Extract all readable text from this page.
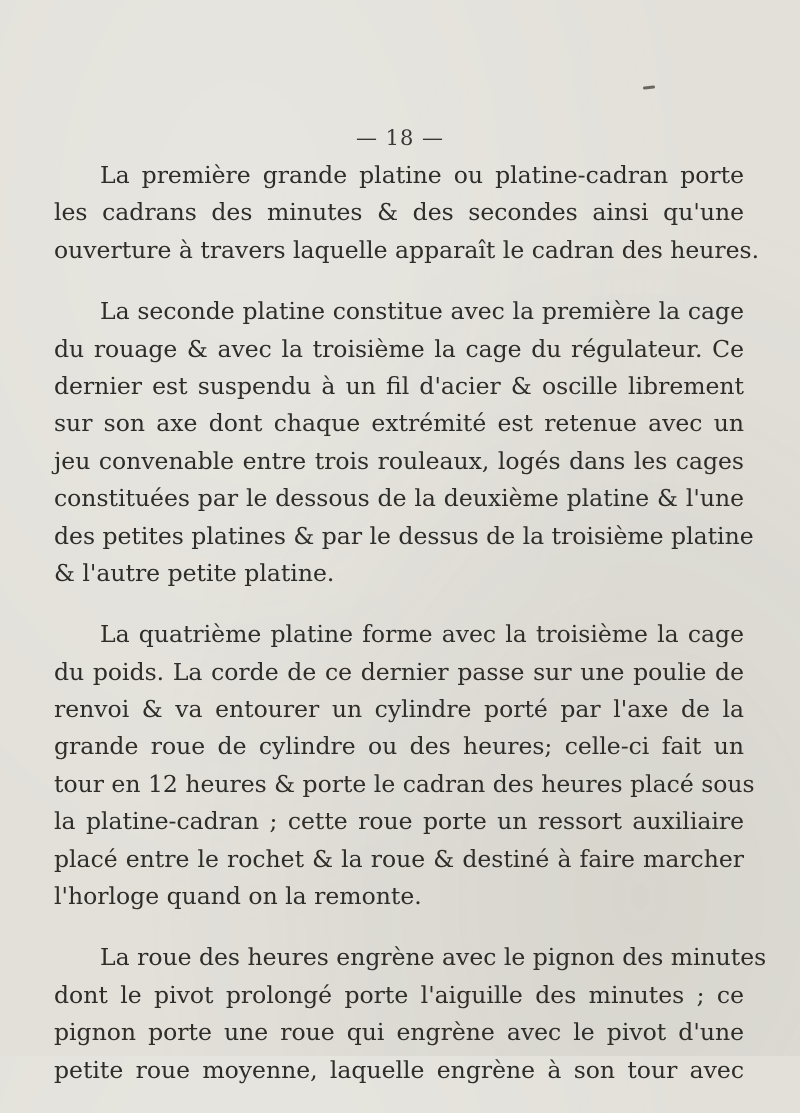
— 18 —
La première grande platine ou platine-cadran porte
les cadrans des minutes & des secondes ainsi qu'une
ouverture à travers laquelle apparaît le cadran des heures.
La seconde platine constitue avec la première la cage
du rouage & avec la troisième la cage du régulateur. Ce
dernier est suspendu à un fil d'acier & oscille librement
sur son axe dont chaque extrémité est retenue avec un
jeu convenable entre trois rouleaux, logés dans les cages
constituées par le dessous de la deuxième platine & l'une
des petites platines & par le dessus de la troisième platine
& l'autre petite platine.
La quatrième platine forme avec la troisième la cage
du poids. La corde de ce dernier passe sur une poulie de
renvoi & va entourer un cylindre porté par l'axe de la
grande roue de cylindre ou des heures; celle-ci fait un
tour en 12 heures & porte le cadran des heures placé sous
la platine-cadran ; cette roue porte un ressort auxiliaire
placé entre le rochet & la roue & destiné à faire marcher
l'horloge quand on la remonte.
La roue des heures engrène avec le pignon des minutes
dont le pivot prolongé porte l'aiguille des minutes ; ce
pignon porte une roue qui engrène avec le pivot d'une
petite roue moyenne, laquelle engrène à son tour avec
